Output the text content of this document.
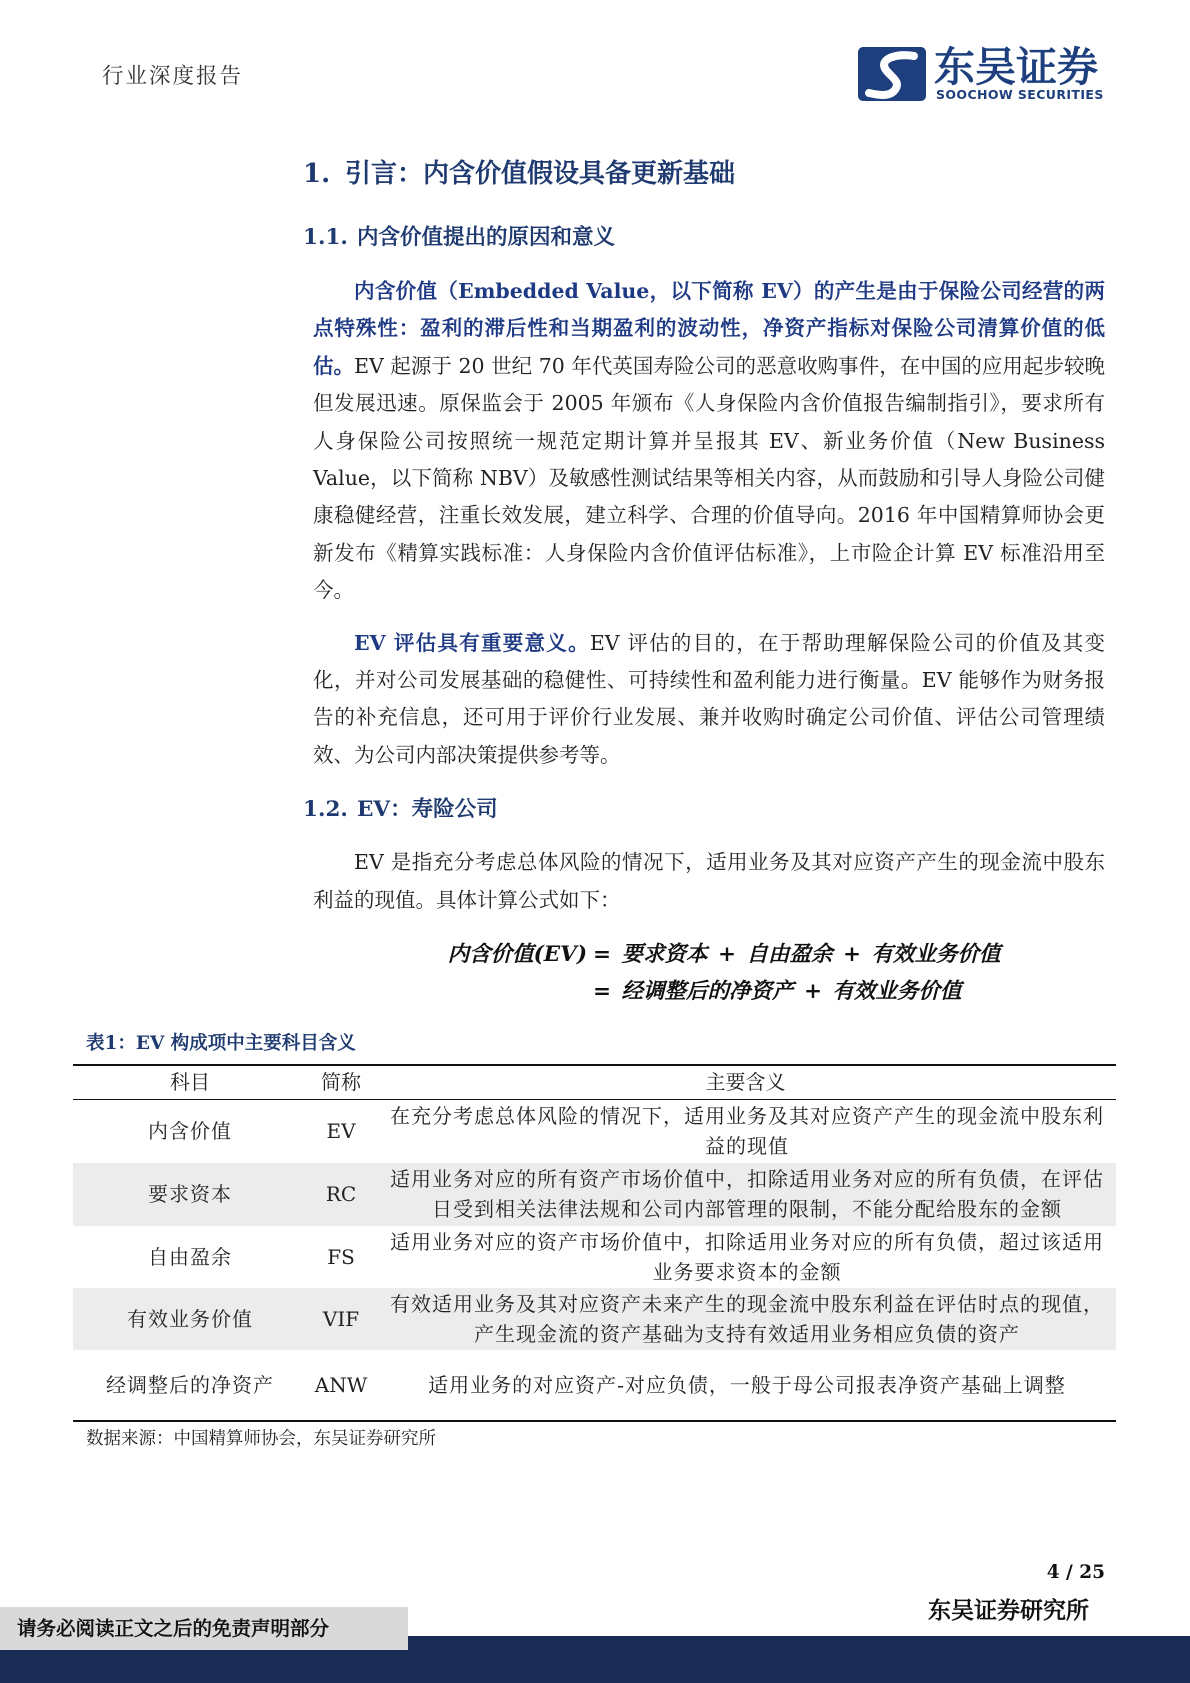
行业深度报告	东吴证券
SOOCHOW SECURITIES
1. 引言：内含价值假设具备更新基础
1.1. 内含价值提出的原因和意义

内含价值（Embedded Value，以下简称 EV）的产生是由于保险公司经营的两点特殊性：盈利的滞后性和当期盈利的波动性，净资产指标对保险公司清算价值的低估。EV 起源于 20 世纪 70 年代英国寿险公司的恶意收购事件，在中国的应用起步较晚但发展迅速。原保监会于 2005 年颁布《人身保险内含价值报告编制指引》，要求所有人身保险公司按照统一规范定期计算并呈报其 EV、新业务价值（New Business Value，以下简称 NBV）及敏感性测试结果等相关内容，从而鼓励和引导人身险公司健康稳健经营，注重长效发展，建立科学、合理的价值导向。2016 年中国精算师协会更新发布《精算实践标准：人身保险内含价值评估标准》，上市险企计算 EV 标准沿用至今。

EV 评估具有重要意义。EV 评估的目的，在于帮助理解保险公司的价值及其变化，并对公司发展基础的稳健性、可持续性和盈利能力进行衡量。EV 能够作为财务报告的补充信息，还可用于评价行业发展、兼并收购时确定公司价值、评估公司管理绩效、为公司内部决策提供参考等。

1.2. EV：寿险公司

EV 是指充分考虑总体风险的情况下，适用业务及其对应资产产生的现金流中股东利益的现值。具体计算公式如下：

内含价值(EV) = 要求资本 + 自由盈余 + 有效业务价值
= 经调整后的净资产 + 有效业务价值
表1：EV 构成项中主要科目含义
科目	简称	主要含义
内含价值	EV	在充分考虑总体风险的情况下，适用业务及其对应资产产生的现金流中股东利益的现值
要求资本	RC	适用业务对应的所有资产市场价值中，扣除适用业务对应的所有负债，在评估日受到相关法律法规和公司内部管理的限制，不能分配给股东的金额
自由盈余	FS	适用业务对应的资产市场价值中，扣除适用业务对应的所有负债，超过该适用业务要求资本的金额
有效业务价值	VIF	有效适用业务及其对应资产未来产生的现金流中股东利益在评估时点的现值，产生现金流的资产基础为支持有效适用业务相应负债的资产
经调整后的净资产	ANW	适用业务的对应资产-对应负债，一般于母公司报表净资产基础上调整
数据来源：中国精算师协会，东吴证券研究所
4 / 25
东吴证券研究所
请务必阅读正文之后的免责声明部分
